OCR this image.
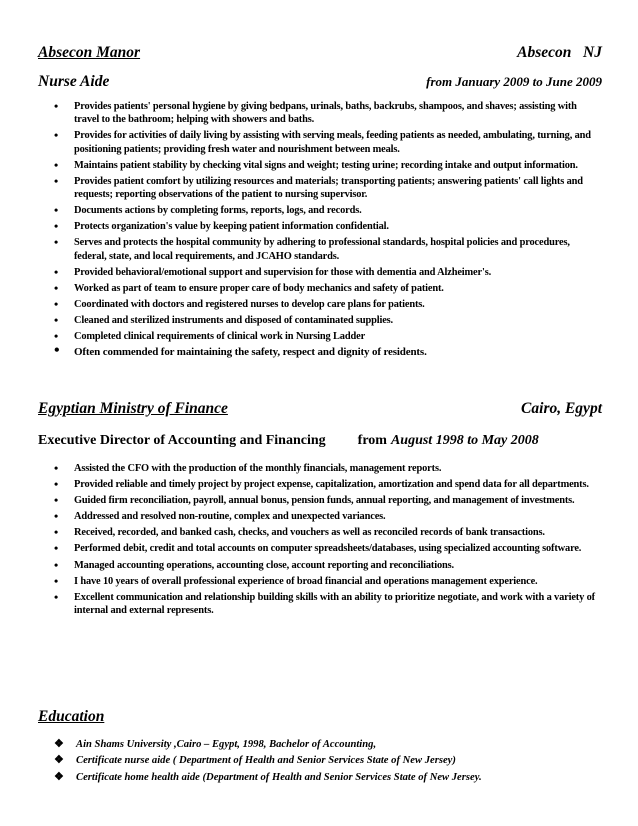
Absecon Manor	Absecon   NJ
Nurse Aide	from January 2009 to June 2009
• Provides patients' personal hygiene by giving bedpans, urinals, baths, backrubs, shampoos, and shaves; assisting with travel to the bathroom; helping with showers and baths.
• Provides for activities of daily living by assisting with serving meals, feeding patients as needed, ambulating, turning, and positioning patients; providing fresh water and nourishment between meals.
• Maintains patient stability by checking vital signs and weight; testing urine; recording intake and output information.
• Provides patient comfort by utilizing resources and materials; transporting patients; answering patients' call lights and requests; reporting observations of the patient to nursing supervisor.
• Documents actions by completing forms, reports, logs, and records.
• Protects organization's value by keeping patient information confidential.
• Serves and protects the hospital community by adhering to professional standards, hospital policies and procedures, federal, state, and local requirements, and JCAHO standards.
• Provided behavioral/emotional support and supervision for those with dementia and Alzheimer's.
• Worked as part of team to ensure proper care of body mechanics and safety of patient.
• Coordinated with doctors and registered nurses to develop care plans for patients.
• Cleaned and sterilized instruments and disposed of contaminated supplies.
• Completed clinical requirements of clinical work in Nursing Ladder
• Often commended for maintaining the safety, respect and dignity of residents.
Egyptian Ministry of Finance	Cairo, Egypt
Executive Director of Accounting and Financing from August 1998 to May 2008
• Assisted the CFO with the production of the monthly financials, management reports.
• Provided reliable and timely project by project expense, capitalization, amortization and spend data for all departments.
• Guided firm reconciliation, payroll, annual bonus, pension funds, annual reporting, and management of investments.
• Addressed and resolved non-routine, complex and unexpected variances.
• Received, recorded, and banked cash, checks, and vouchers as well as reconciled records of bank transactions.
• Performed debit, credit and total accounts on computer spreadsheets/databases, using specialized accounting software.
• Managed accounting operations, accounting close, account reporting and reconciliations.
• I have 10 years of overall professional experience of broad financial and operations management experience.
• Excellent communication and relationship building skills with an ability to prioritize negotiate, and work with a variety of internal and external represents.
Education
❖ Ain Shams University ,Cairo – Egypt, 1998, Bachelor of Accounting,
❖ Certificate nurse aide ( Department of Health and Senior Services State of New Jersey)
❖ Certificate home health aide (Department of Health and Senior Services State of New Jersey.
